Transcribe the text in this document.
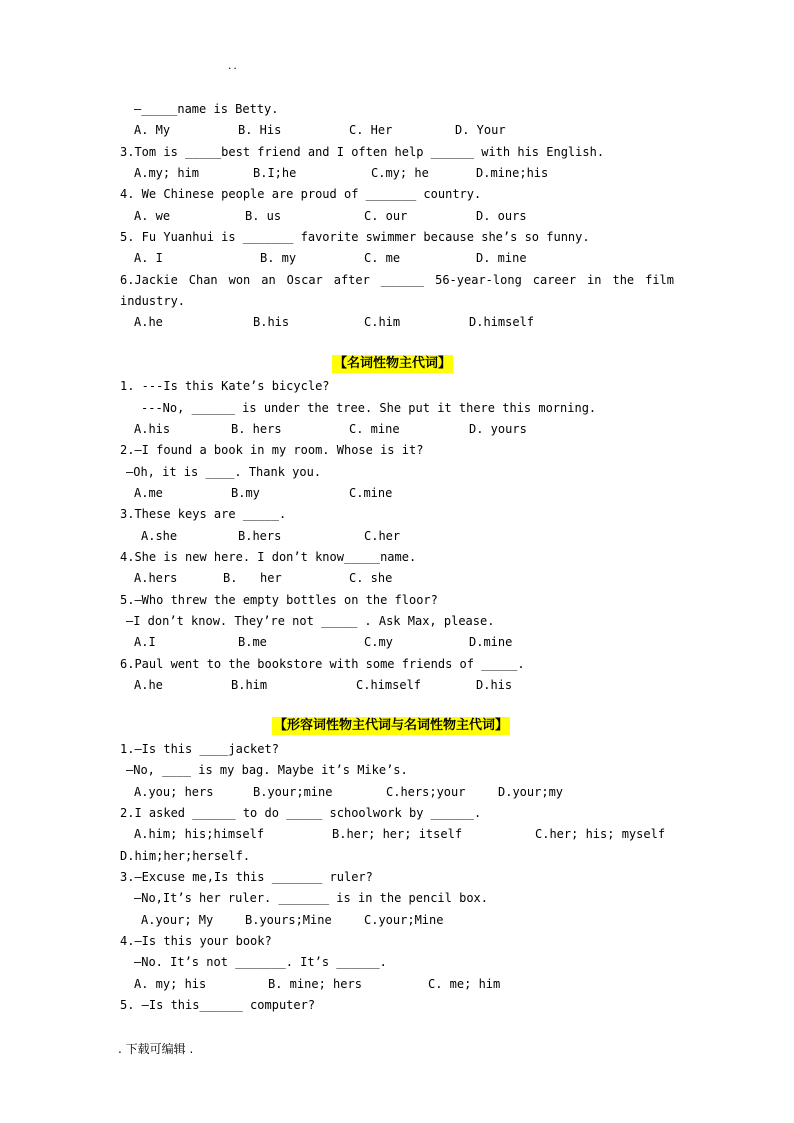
..
—_____name is Betty.
A. My	B. His	C. Her	D. Your
3.Tom is _____best friend and I often help ______ with his English.
A.my; him	B.I;he	C.my; he	D.mine;his
4. We Chinese people are proud of _______ country.
A. we	B. us	C. our	D. ours
5. Fu Yuanhui is _______ favorite swimmer because she’s so funny.
A. I	B. my	C. me	D. mine
6.Jackie Chan won an Oscar after ______ 56-year-long career in the film
industry.
A.he	B.his	C.him	D.himself
【名词性物主代词】
1. ---Is this Kate’s bicycle?
---No, ______ is under the tree. She put it there this morning.
A.his	B. hers	C. mine	D. yours
2.—I found a book in my room. Whose is it?
—Oh, it is ____. Thank you.
A.me	B.my	C.mine
3.These keys are _____.
A.she	B.hers	C.her
4.She is new here. I don’t know_____name.
A.hers	B. her	C. she
5.—Who threw the empty bottles on the floor?
—I don’t know. They’re not _____ . Ask Max, please.
A.I	B.me	C.my	D.mine
6.Paul went to the bookstore with some friends of _____.
A.he	B.him	C.himself	D.his
【形容词性物主代词与名词性物主代词】
1.—Is this ____jacket?
—No, ____ is my bag. Maybe it’s Mike’s.
A.you; hers	B.your;mine	C.hers;your	D.your;my
2.I asked ______ to do _____ schoolwork by ______.
A.him; his;himself	B.her; her; itself	C.her; his; myself
D.him;her;herself.
3.—Excuse me,Is this _______ ruler?
—No,It’s her ruler. _______ is in the pencil box.
A.your; My	B.yours;Mine	C.your;Mine
4.—Is this your book?
—No. It’s not _______. It’s ______.
A. my; his	B. mine; hers	C. me; him
5. —Is this______ computer?
. 下载可编辑 .
